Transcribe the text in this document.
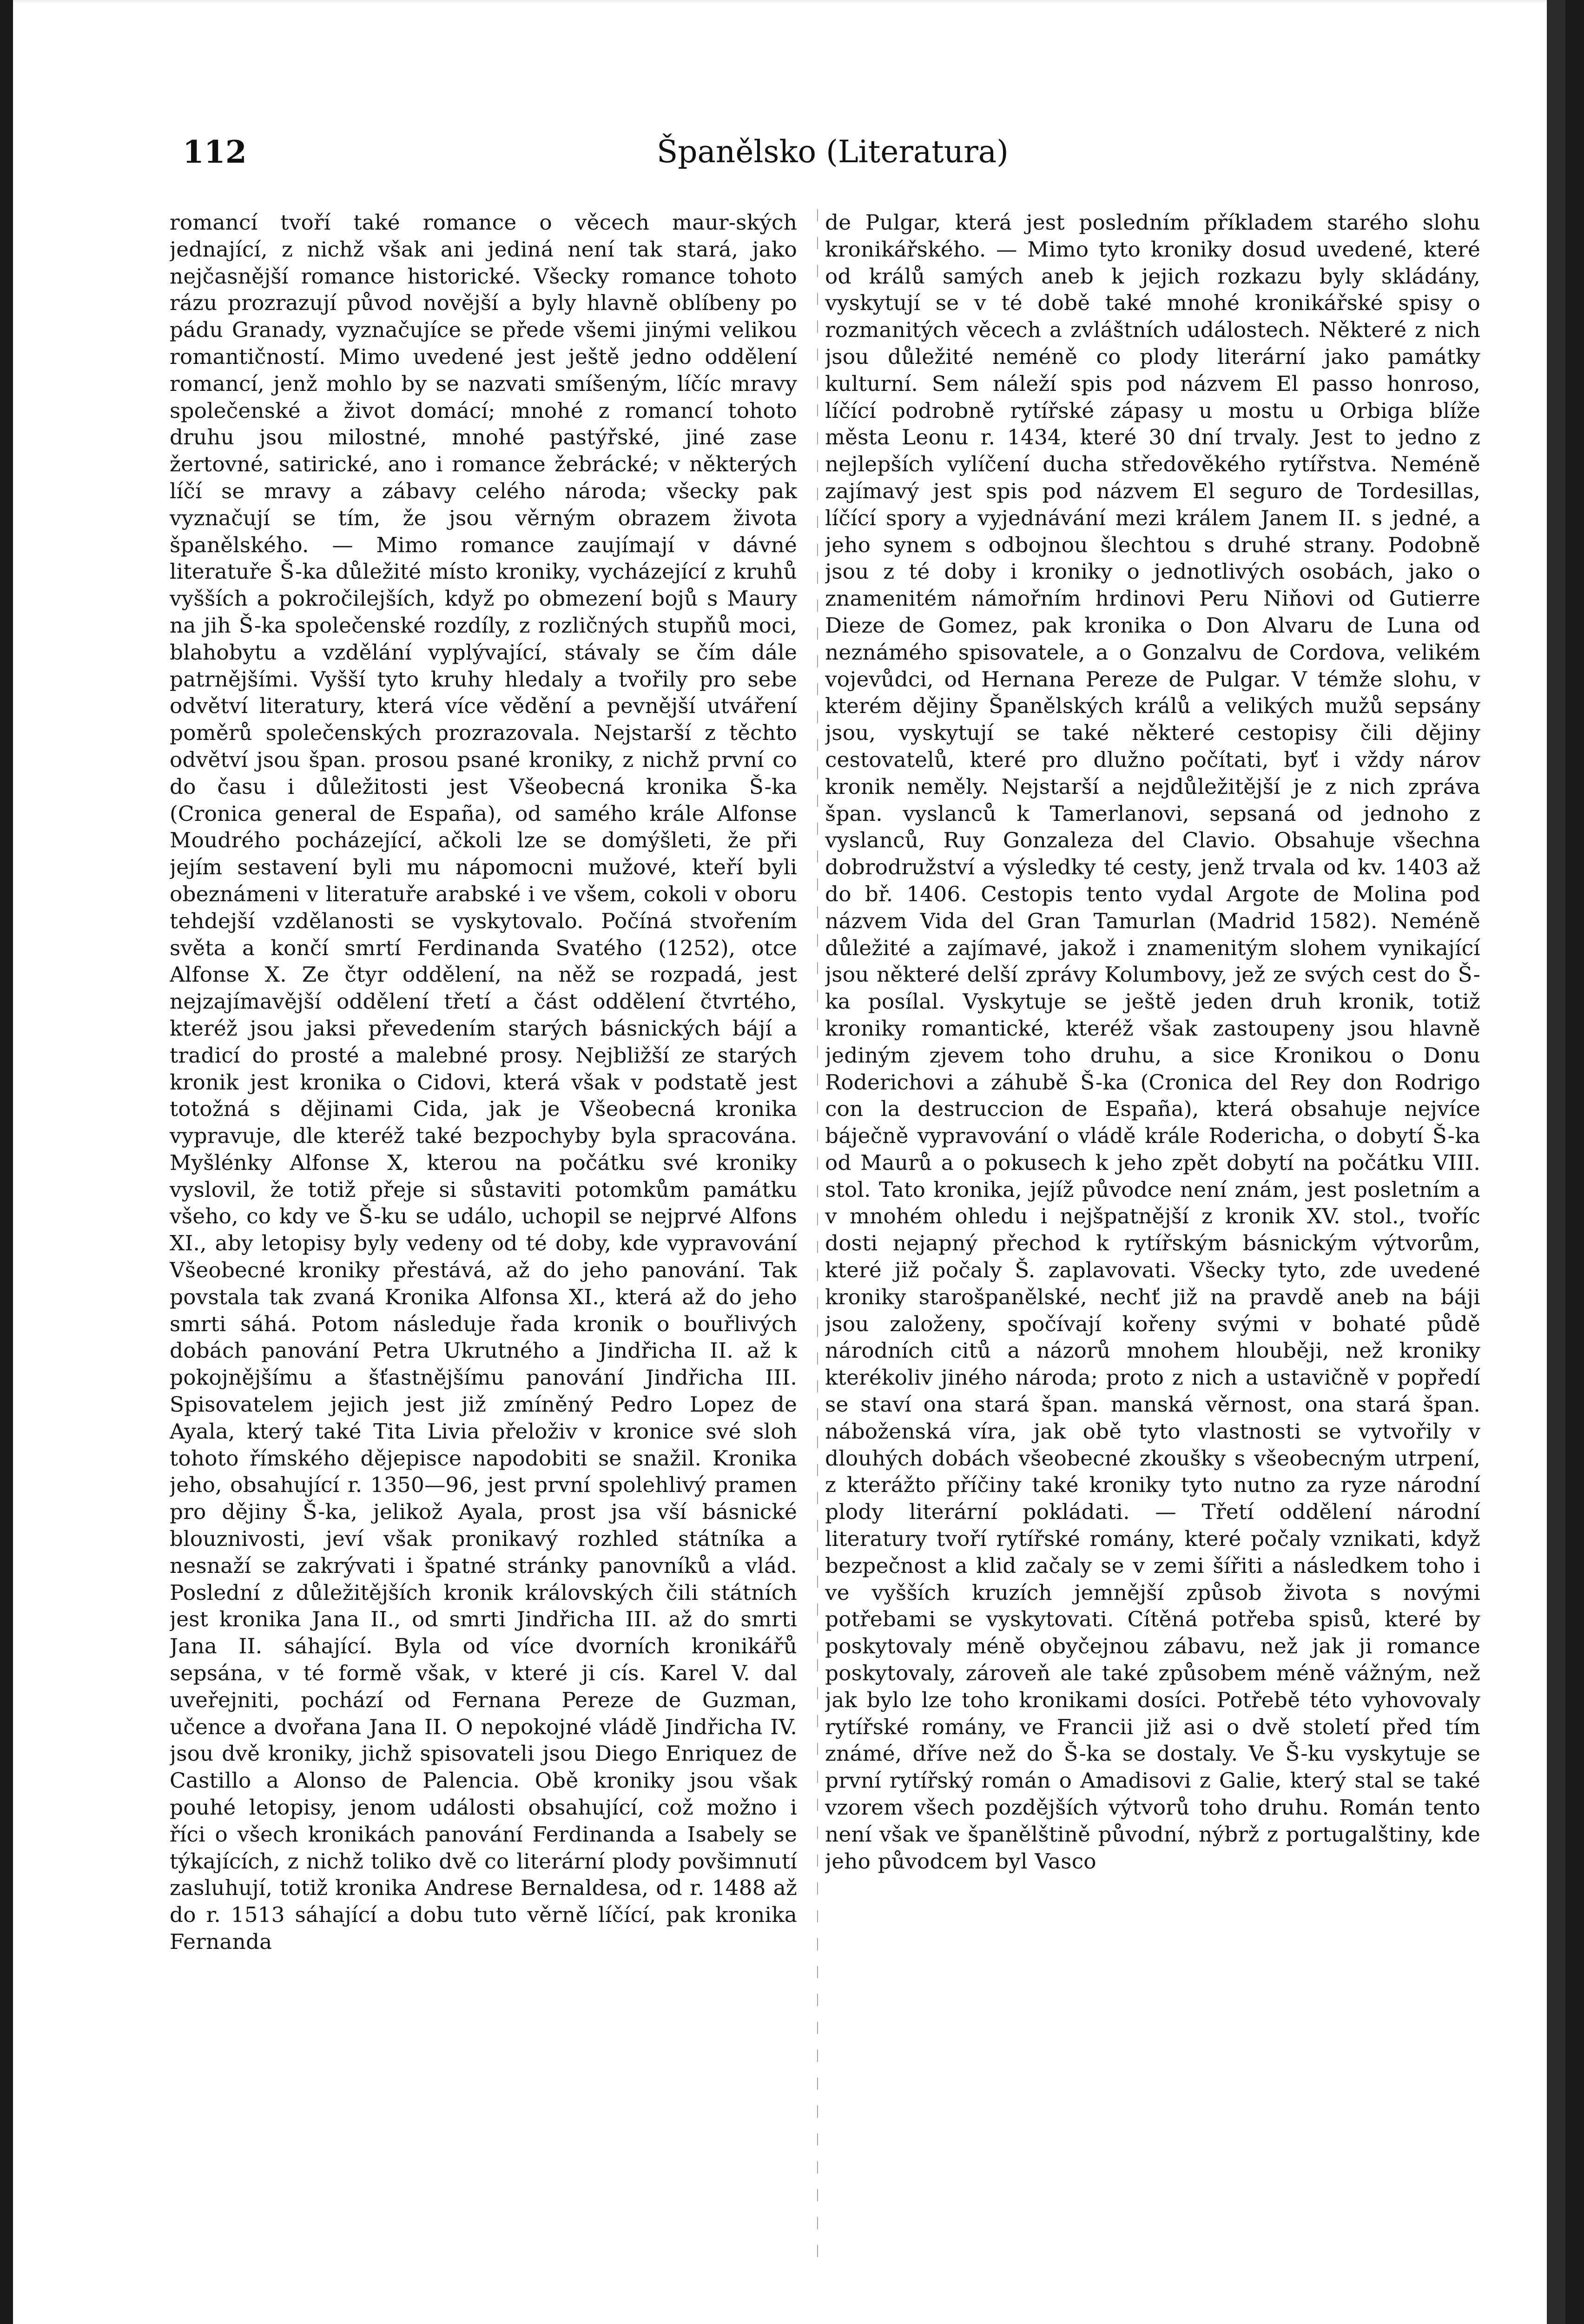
112	Španělsko (Literatura)

romancí tvoří také romance o věcech maur-ských jednající, z nichž však ani jediná není tak stará, jako nejčasnější romance historické. Všecky romance tohoto rázu prozrazují původ novější a byly hlavně oblíbeny po pádu Granady, vyznačujíce se přede všemi jinými velikou romantičností. Mimo uvedené jest ještě jedno oddělení romancí, jenž mohlo by se nazvati smíšeným, líčíc mravy společenské a život domácí; mnohé z romancí tohoto druhu jsou milostné, mnohé pastýřské, jiné zase žertovné, satirické, ano i romance žebrácké; v některých líčí se mravy a zábavy celého národa; všecky pak vyznačují se tím, že jsou věrným obrazem života španělského. — Mimo romance zaujímají v dávné literatuře Š-ka důležité místo kroniky, vycházející z kruhů vyšších a pokročilejších, když po obmezení bojů s Maury na jih Š-ka společenské rozdíly, z rozličných stupňů moci, blahobytu a vzdělání vyplývající, stávaly se čím dále patrnějšími. Vyšší tyto kruhy hledaly a tvořily pro sebe odvětví literatury, která více vědění a pevnější utváření poměrů společenských prozrazovala. Nejstarší z těchto odvětví jsou špan. prosou psané kroniky, z nichž první co do času i důležitosti jest Všeobecná kronika Š-ka (Cronica general de España), od samého krále Alfonse Moudrého pocházející, ačkoli lze se domýšleti, že při jejím sestavení byli mu nápomocni mužové, kteří byli obeznámeni v literatuře arabské i ve všem, cokoli v oboru tehdejší vzdělanosti se vyskytovalo. Počíná stvořením světa a končí smrtí Ferdinanda Svatého (1252), otce Alfonse X. Ze čtyr oddělení, na něž se rozpadá, jest nejzajímavější oddělení třetí a část oddělení čtvrtého, kteréž jsou jaksi převedením starých básnických bájí a tradicí do prosté a malebné prosy. Nejbližší ze starých kronik jest kronika o Cidovi, která však v podstatě jest totožná s dějinami Cida, jak je Všeobecná kronika vypravuje, dle kteréž také bezpochyby byla spracována. Myšlénky Alfonse X, kterou na počátku své kroniky vyslovil, že totiž přeje si sůstaviti potomkům památku všeho, co kdy ve Š-ku se událo, uchopil se nejprvé Alfons XI., aby letopisy byly vedeny od té doby, kde vypravování Všeobecné kroniky přestává, až do jeho panování. Tak povstala tak zvaná Kronika Alfonsa XI., která až do jeho smrti sáhá. Potom následuje řada kronik o bouřlivých dobách panování Petra Ukrutného a Jindřicha II. až k pokojnějšímu a šťastnějšímu panování Jindřicha III. Spisovatelem jejich jest již zmíněný Pedro Lopez de Ayala, který také Tita Livia přeloživ v kronice své sloh tohoto římského dějepisce napodobiti se snažil. Kronika jeho, obsahující r. 1350—96, jest první spolehlivý pramen pro dějiny Š-ka, jelikož Ayala, prost jsa vší básnické blouznivosti, jeví však pronikavý rozhled státníka a nesnaží se zakrývati i špatné stránky panovníků a vlád. Poslední z důležitějších kronik královských čili státních jest kronika Jana II., od smrti Jindřicha III. až do smrti Jana II. sáhající. Byla od více dvorních kronikářů sepsána, v té formě však, v které ji cís. Karel V. dal uveřejniti, pochází od Fernana Pereze de Guzman, učence a dvořana Jana II. O nepokojné vládě Jindřicha IV. jsou dvě kroniky, jichž spisovateli jsou Diego Enriquez de Castillo a Alonso de Palencia. Obě kroniky jsou však pouhé letopisy, jenom události obsahující, což možno i říci o všech kronikách panování Ferdinanda a Isabely se týkajících, z nichž toliko dvě co literární plody povšimnutí zasluhují, totiž kronika Andrese Bernaldesa, od r. 1488 až do r. 1513 sáhající a dobu tuto věrně líčící, pak kronika Fernanda

de Pulgar, která jest posledním příkladem starého slohu kronikářského. — Mimo tyto kroniky dosud uvedené, které od králů samých aneb k jejich rozkazu byly skládány, vyskytují se v té době také mnohé kronikářské spisy o rozmanitých věcech a zvláštních událostech. Některé z nich jsou důležité neméně co plody literární jako památky kulturní. Sem náleží spis pod názvem El passo honroso, líčící podrobně rytířské zápasy u mostu u Orbiga blíže města Leonu r. 1434, které 30 dní trvaly. Jest to jedno z nejlepších vylíčení ducha středověkého rytířstva. Neméně zajímavý jest spis pod názvem El seguro de Tordesillas, líčící spory a vyjednávání mezi králem Janem II. s jedné, a jeho synem s odbojnou šlechtou s druhé strany. Podobně jsou z té doby i kroniky o jednotlivých osobách, jako o znamenitém námořním hrdinovi Peru Niňovi od Gutierre Dieze de Gomez, pak kronika o Don Alvaru de Luna od neznámého spisovatele, a o Gonzalvu de Cordova, velikém vojevůdci, od Hernana Pereze de Pulgar. V témže slohu, v kterém dějiny Španělských králů a velikých mužů sepsány jsou, vyskytují se také některé cestopisy čili dějiny cestovatelů, které pro dlužno počítati, byť i vždy nárov kronik neměly. Nejstarší a nejdůležitější je z nich zpráva špan. vyslanců k Tamerlanovi, sepsaná od jednoho z vyslanců, Ruy Gonzaleza del Clavio. Obsahuje všechna dobrodružství a výsledky té cesty, jenž trvala od kv. 1403 až do bř. 1406. Cestopis tento vydal Argote de Molina pod názvem Vida del Gran Tamurlan (Madrid 1582). Neméně důležité a zajímavé, jakož i znamenitým slohem vynikající jsou některé delší zprávy Kolumbovy, jež ze svých cest do Š-ka posílal. Vyskytuje se ještě jeden druh kronik, totiž kroniky romantické, kteréž však zastoupeny jsou hlavně jediným zjevem toho druhu, a sice Kronikou o Donu Roderichovi a záhubě Š-ka (Cronica del Rey don Rodrigo con la destruccion de España), která obsahuje nejvíce báječně vypravování o vládě krále Rodericha, o dobytí Š-ka od Maurů a o pokusech k jeho zpět dobytí na počátku VIII. stol. Tato kronika, jejíž původce není znám, jest posletním a v mnohém ohledu i nejšpatnější z kronik XV. stol., tvoříc dosti nejapný přechod k rytířským básnickým výtvorům, které již počaly Š. zaplavovati. Všecky tyto, zde uvedené kroniky starošpanělské, nechť již na pravdě aneb na báji jsou založeny, spočívají kořeny svými v bohaté půdě národních citů a názorů mnohem hlouběji, než kroniky kterékoliv jiného národa; proto z nich a ustavičně v popředí se staví ona stará špan. manská věrnost, ona stará špan. náboženská víra, jak obě tyto vlastnosti se vytvořily v dlouhých dobách všeobecné zkoušky s všeobecným utrpení, z kterážto příčiny také kroniky tyto nutno za ryze národní plody literární pokládati. — Třetí oddělení národní literatury tvoří rytířské romány, které počaly vznikati, když bezpečnost a klid začaly se v zemi šířiti a následkem toho i ve vyšších kruzích jemnější způsob života s novými potřebami se vyskytovati. Cítěná potřeba spisů, které by poskytovaly méně obyčejnou zábavu, než jak ji romance poskytovaly, zároveň ale také způsobem méně vážným, než jak bylo lze toho kronikami dosíci. Potřebě této vyhovovaly rytířské romány, ve Francii již asi o dvě století před tím známé, dříve než do Š-ka se dostaly. Ve Š-ku vyskytuje se první rytířský román o Amadisovi z Galie, který stal se také vzorem všech pozdějších výtvorů toho druhu. Román tento není však ve španělštině původní, nýbrž z portugalštiny, kde jeho původcem byl Vasco
